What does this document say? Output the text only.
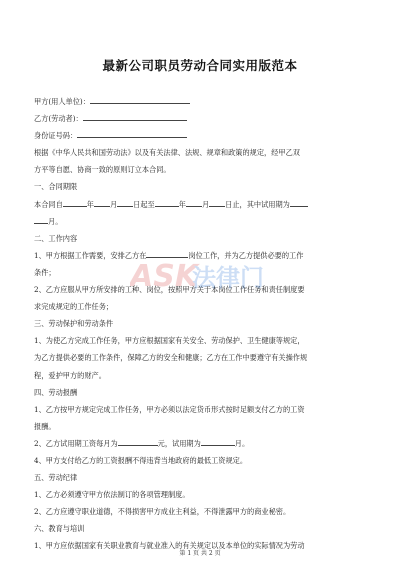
最新公司职员劳动合同实用版范本
甲方(用人单位)：
乙方(劳动者)：
身份证号码：
根据《中华人民共和国劳动法》以及有关法律、法规、规章和政策的规定，经甲乙双
方平等自愿、协商一致的原则订立本合同。
一、合同期限
本合同自	年 月 日起至	年 月 日止，其中试用期为
月。
二、工作内容
1、甲方根据工作需要，安排乙方在	岗位工作，并为乙方提供必要的工作
条件；
2、乙方应服从甲方所安排的工种、岗位，按照甲方关于本岗位工作任务和责任制度要
求完成规定的工作任务；
三、劳动保护和劳动条件
1、为使乙方完成工作任务，甲方应根据国家有关安全、劳动保护、卫生健康等规定，
为乙方提供必要的工作条件，保障乙方的安全和健康；乙方在工作中要遵守有关操作规
程，爱护甲方的财产。
四、劳动报酬
1、乙方按甲方规定完成工作任务，甲方必须以法定货币形式按时足额支付乙方的工资
报酬。
2、乙方试用期工资每月为	元，试用期为	月。
4、甲方支付给乙方的工资报酬不得违背当地政府的最低工资规定。
五、劳动纪律
1、乙方必须遵守甲方依法制订的各项管理制度。
2、乙方应遵守职业道德，不得损害甲方成业主利益，不得泄露甲方的商业秘密。
六、教育与培训
1、甲方应依据国家有关职业教育与就业准入的有关规定以及本单位的实际情况为劳动
ASK
法律门
第 1 页 共 2 页
